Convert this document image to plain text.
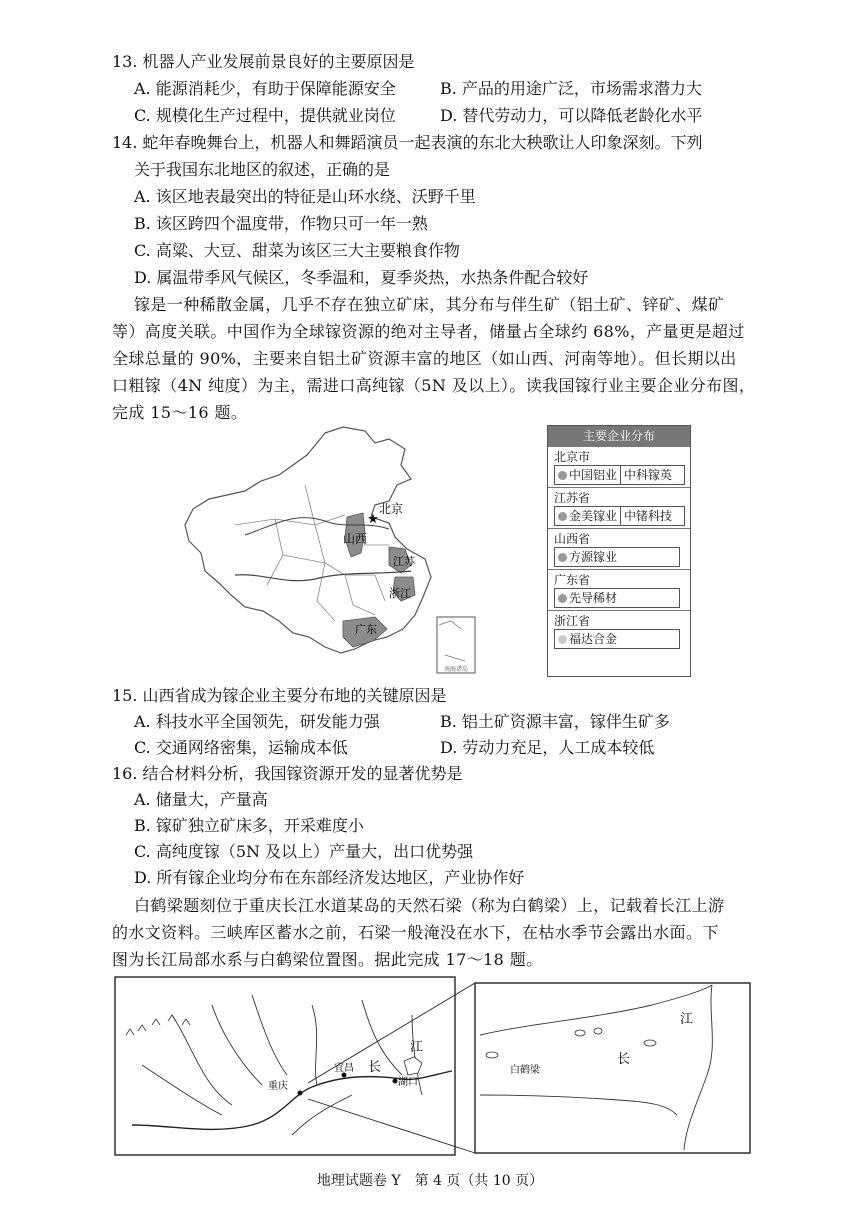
13. 机器人产业发展前景良好的主要原因是
A. 能源消耗少，有助于保障能源安全	B. 产品的用途广泛，市场需求潜力大
C. 规模化生产过程中，提供就业岗位	D. 替代劳动力，可以降低老龄化水平
14. 蛇年春晚舞台上，机器人和舞蹈演员一起表演的东北大秧歌让人印象深刻。下列
关于我国东北地区的叙述，正确的是
A. 该区地表最突出的特征是山环水绕、沃野千里
B. 该区跨四个温度带，作物只可一年一熟
C. 高粱、大豆、甜菜为该区三大主要粮食作物
D. 属温带季风气候区，冬季温和，夏季炎热，水热条件配合较好
镓是一种稀散金属，几乎不存在独立矿床，其分布与伴生矿（铝土矿、锌矿、煤矿
等）高度关联。中国作为全球镓资源的绝对主导者，储量占全球约 68%，产量更是超过
全球总量的 90%，主要来自铝土矿资源丰富的地区（如山西、河南等地）。但长期以出
口粗镓（4N 纯度）为主，需进口高纯镓（5N 及以上）。读我国镓行业主要企业分布图，
完成 15～16 题。
★
北京
山西
江苏
浙江
广东
南海诸岛
主要企业分布
北京市
中国铝业 中科镓英
江苏省
金美镓业 中锗科技
山西省
方源镓业
广东省
先导稀材
浙江省
福达合金
15. 山西省成为镓企业主要分布地的关键原因是
A. 科技水平全国领先，研发能力强	B. 铝土矿资源丰富，镓伴生矿多
C. 交通网络密集，运输成本低	D. 劳动力充足，人工成本较低
16. 结合材料分析，我国镓资源开发的显著优势是
A. 储量大，产量高
B. 镓矿独立矿床多，开采难度小
C. 高纯度镓（5N 及以上）产量大，出口优势强
D. 所有镓企业均分布在东部经济发达地区，产业协作好
白鹤梁题刻位于重庆长江水道某岛的天然石梁（称为白鹤梁）上，记载着长江上游
的水文资料。三峡库区蓄水之前，石梁一般淹没在水下，在枯水季节会露出水面。下
图为长江局部水系与白鹤梁位置图。据此完成 17～18 题。
重庆
宜昌 长
江
湖口
白鹤梁
长
江
地理试题卷 Y　第 4 页（共 10 页）
